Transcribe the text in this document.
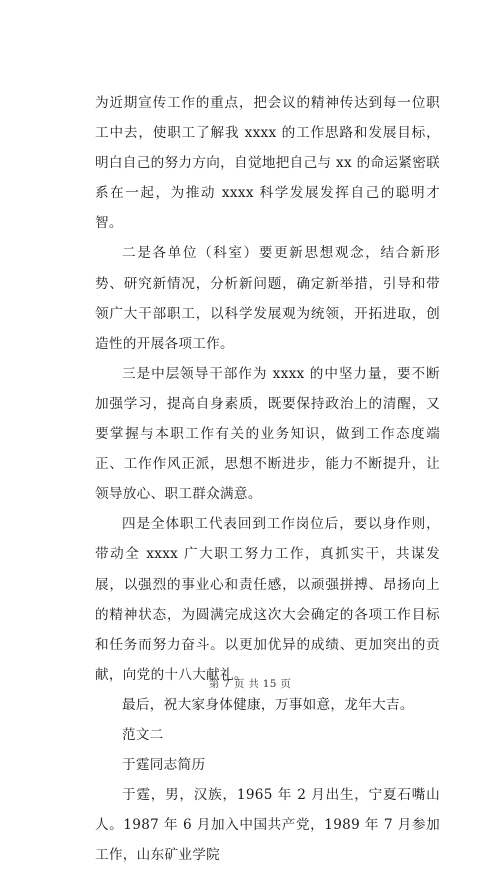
为近期宣传工作的重点，把会议的精神传达到每一位职工中去，使职工了解我 xxxx 的工作思路和发展目标，明白自己的努力方向，自觉地把自己与 xx 的命运紧密联系在一起，为推动 xxxx 科学发展发挥自己的聪明才智。

二是各单位（科室）要更新思想观念，结合新形势、研究新情况，分析新问题，确定新举措，引导和带领广大干部职工，以科学发展观为统领，开拓进取，创造性的开展各项工作。

三是中层领导干部作为 xxxx 的中坚力量，要不断加强学习，提高自身素质，既要保持政治上的清醒，又要掌握与本职工作有关的业务知识，做到工作态度端正、工作作风正派，思想不断进步，能力不断提升，让领导放心、职工群众满意。

四是全体职工代表回到工作岗位后，要以身作则，带动全 xxxx 广大职工努力工作，真抓实干，共谋发展，以强烈的事业心和责任感，以顽强拼搏、昂扬向上的精神状态，为圆满完成这次大会确定的各项工作目标和任务而努力奋斗。以更加优异的成绩、更加突出的贡献，向党的十八大献礼。

最后，祝大家身体健康，万事如意，龙年大吉。

范文二

于霆同志简历

于霆，男，汉族，1965 年 2 月出生，宁夏石嘴山人。1987 年 6 月加入中国共产党，1989 年 7 月参加工作，山东矿业学院

第 7 页 共 15 页
